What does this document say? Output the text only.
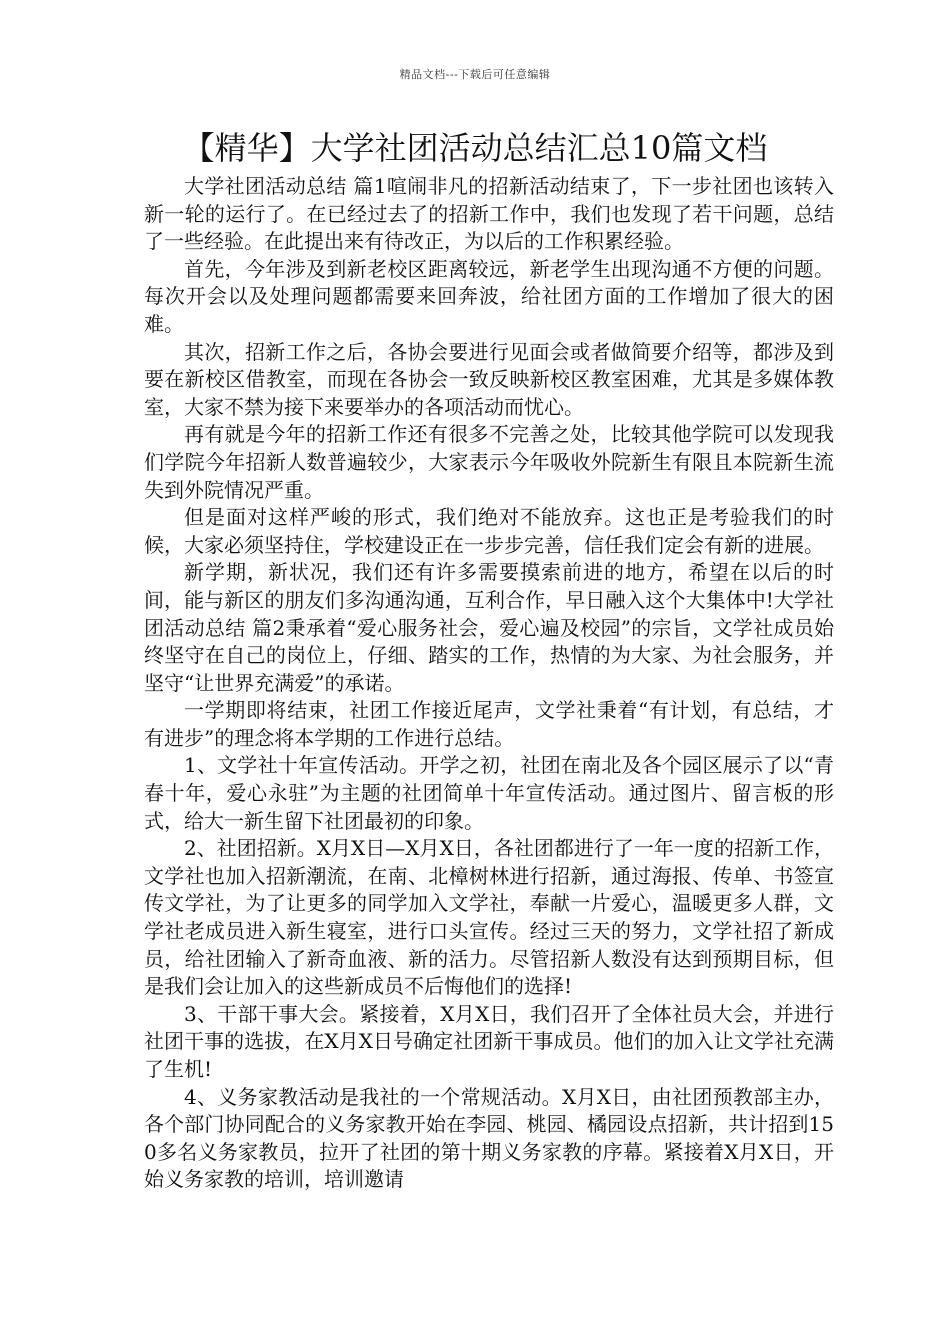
精品文档---下载后可任意编辑
【精华】大学社团活动总结汇总10篇文档

大学社团活动总结 篇1喧闹非凡的招新活动结束了，下一步社团也该转入新一轮的运行了。在已经过去了的招新工作中，我们也发现了若干问题，总结了一些经验。在此提出来有待改正，为以后的工作积累经验。

首先，今年涉及到新老校区距离较远，新老学生出现沟通不方便的问题。每次开会以及处理问题都需要来回奔波，给社团方面的工作增加了很大的困难。

其次，招新工作之后，各协会要进行见面会或者做简要介绍等，都涉及到要在新校区借教室，而现在各协会一致反映新校区教室困难，尤其是多媒体教室，大家不禁为接下来要举办的各项活动而忧心。

再有就是今年的招新工作还有很多不完善之处，比较其他学院可以发现我们学院今年招新人数普遍较少，大家表示今年吸收外院新生有限且本院新生流失到外院情况严重。

但是面对这样严峻的形式，我们绝对不能放弃。这也正是考验我们的时候，大家必须坚持住，学校建设正在一步步完善，信任我们定会有新的进展。

新学期，新状况，我们还有许多需要摸索前进的地方，希望在以后的时间，能与新区的朋友们多沟通沟通，互利合作，早日融入这个大集体中!大学社团活动总结 篇2秉承着“爱心服务社会，爱心遍及校园”的宗旨，文学社成员始终坚守在自己的岗位上，仔细、踏实的工作，热情的为大家、为社会服务，并坚守“让世界充满爱”的承诺。

一学期即将结束，社团工作接近尾声，文学社秉着“有计划，有总结，才有进步”的理念将本学期的工作进行总结。

1、文学社十年宣传活动。开学之初，社团在南北及各个园区展示了以“青春十年，爱心永驻”为主题的社团简单十年宣传活动。通过图片、留言板的形式，给大一新生留下社团最初的印象。

2、社团招新。X月X日—X月X日，各社团都进行了一年一度的招新工作，文学社也加入招新潮流，在南、北樟树林进行招新，通过海报、传单、书签宣传文学社，为了让更多的同学加入文学社，奉献一片爱心，温暖更多人群，文学社老成员进入新生寝室，进行口头宣传。经过三天的努力，文学社招了新成员，给社团输入了新奇血液、新的活力。尽管招新人数没有达到预期目标，但是我们会让加入的这些新成员不后悔他们的选择!

3、干部干事大会。紧接着，X月X日，我们召开了全体社员大会，并进行社团干事的选拔，在X月X日号确定社团新干事成员。他们的加入让文学社充满了生机!

4、义务家教活动是我社的一个常规活动。X月X日，由社团预教部主办，各个部门协同配合的义务家教开始在李园、桃园、橘园设点招新，共计招到150多名义务家教员，拉开了社团的第十期义务家教的序幕。紧接着X月X日，开始义务家教的培训，培训邀请
